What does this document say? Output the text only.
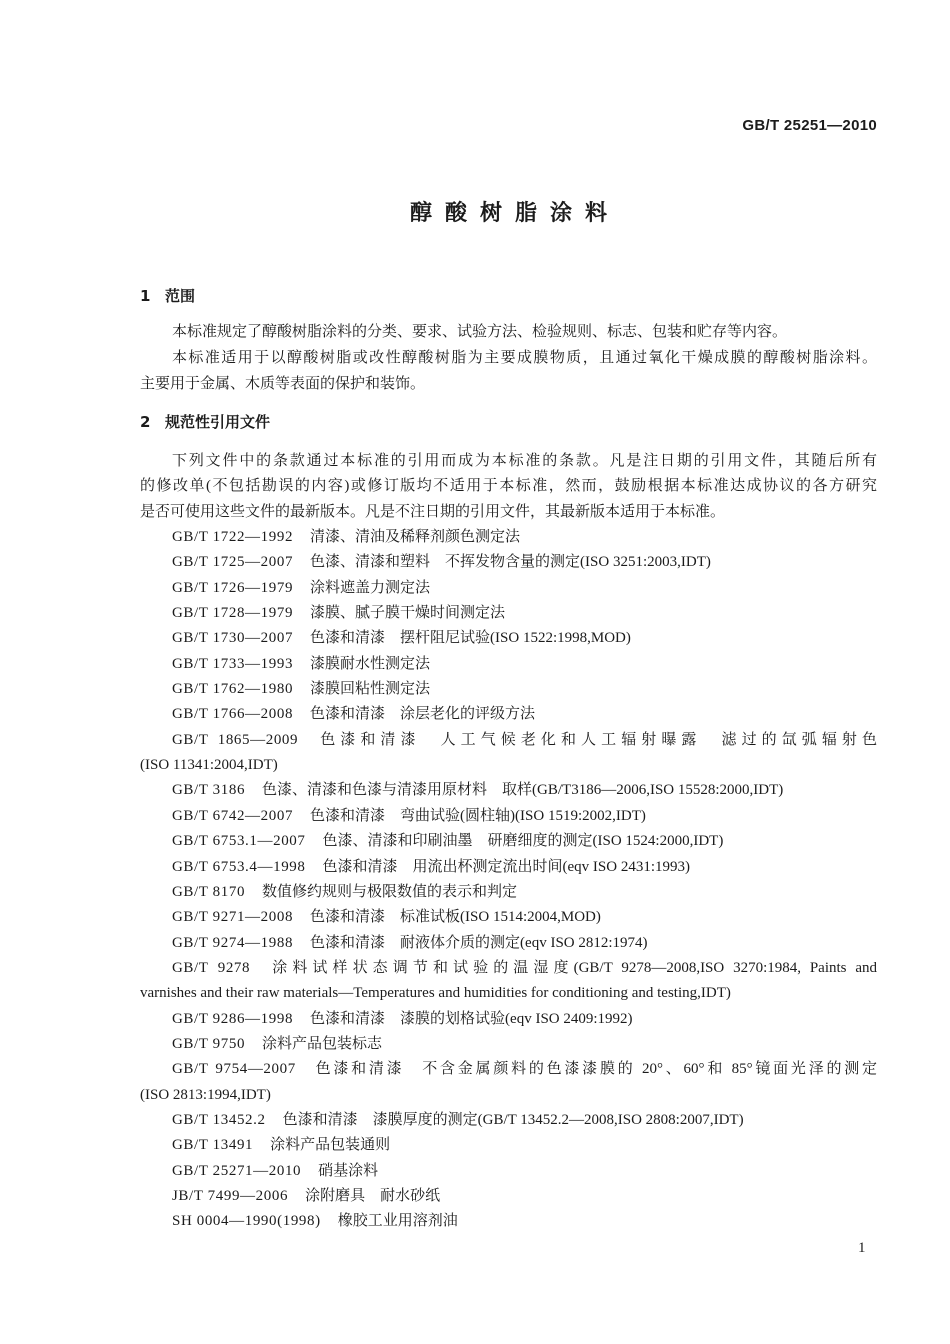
GB/T 25251—2010
醇酸树脂涂料
1 范围
本标准规定了醇酸树脂涂料的分类、要求、试验方法、检验规则、标志、包装和贮存等内容。
本标准适用于以醇酸树脂或改性醇酸树脂为主要成膜物质，且通过氧化干燥成膜的醇酸树脂涂料。
主要用于金属、木质等表面的保护和装饰。
2 规范性引用文件
下列文件中的条款通过本标准的引用而成为本标准的条款。凡是注日期的引用文件，其随后所有
的修改单(不包括勘误的内容)或修订版均不适用于本标准，然而，鼓励根据本标准达成协议的各方研究
是否可使用这些文件的最新版本。凡是不注日期的引用文件，其最新版本适用于本标准。
GB/T 1722—1992 清漆、清油及稀释剂颜色测定法
GB/T 1725—2007 色漆、清漆和塑料　不挥发物含量的测定(ISO 3251:2003,IDT)
GB/T 1726—1979 涂料遮盖力测定法
GB/T 1728—1979 漆膜、腻子膜干燥时间测定法
GB/T 1730—2007 色漆和清漆　摆杆阻尼试验(ISO 1522:1998,MOD)
GB/T 1733—1993 漆膜耐水性测定法
GB/T 1762—1980 漆膜回粘性测定法
GB/T 1766—2008 色漆和清漆　涂层老化的评级方法
GB/T 1865—2009 色漆和清漆　人工气候老化和人工辐射曝露　滤过的氙弧辐射色
(ISO 11341:2004,IDT)
GB/T 3186 色漆、清漆和色漆与清漆用原材料　取样(GB/T3186—2006,ISO 15528:2000,IDT)
GB/T 6742—2007 色漆和清漆　弯曲试验(圆柱轴)(ISO 1519:2002,IDT)
GB/T 6753.1—2007 色漆、清漆和印刷油墨　研磨细度的测定(ISO 1524:2000,IDT)
GB/T 6753.4—1998 色漆和清漆　用流出杯测定流出时间(eqv ISO 2431:1993)
GB/T 8170 数值修约规则与极限数值的表示和判定
GB/T 9271—2008 色漆和清漆　标准试板(ISO 1514:2004,MOD)
GB/T 9274—1988 色漆和清漆　耐液体介质的测定(eqv ISO 2812:1974)
GB/T 9278 涂料试样状态调节和试验的温湿度(GB/T 9278—2008,ISO 3270:1984, Paints and
varnishes and their raw materials—Temperatures and humidities for conditioning and testing,IDT)
GB/T 9286—1998 色漆和清漆　漆膜的划格试验(eqv ISO 2409:1992)
GB/T 9750 涂料产品包装标志
GB/T 9754—2007 色漆和清漆　不含金属颜料的色漆漆膜的 20°、60°和 85°镜面光泽的测定
(ISO 2813:1994,IDT)
GB/T 13452.2 色漆和清漆　漆膜厚度的测定(GB/T 13452.2—2008,ISO 2808:2007,IDT)
GB/T 13491 涂料产品包装通则
GB/T 25271—2010 硝基涂料
JB/T 7499—2006 涂附磨具　耐水砂纸
SH 0004—1990(1998) 橡胶工业用溶剂油
1
